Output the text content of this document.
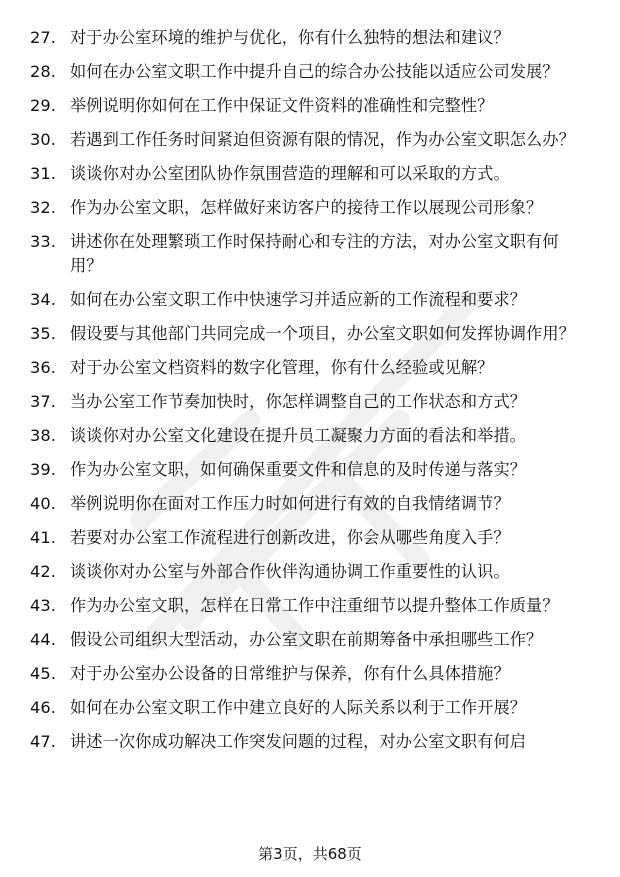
27. 对于办公室环境的维护与优化，你有什么独特的想法和建议？
28. 如何在办公室文职工作中提升自己的综合办公技能以适应公司发展？
29. 举例说明你如何在工作中保证文件资料的准确性和完整性？
30. 若遇到工作任务时间紧迫但资源有限的情况，作为办公室文职怎么办？
31. 谈谈你对办公室团队协作氛围营造的理解和可以采取的方式。
32. 作为办公室文职，怎样做好来访客户的接待工作以展现公司形象？
33. 讲述你在处理繁琐工作时保持耐心和专注的方法，对办公室文职有何用？
34. 如何在办公室文职工作中快速学习并适应新的工作流程和要求？
35. 假设要与其他部门共同完成一个项目，办公室文职如何发挥协调作用？
36. 对于办公室文档资料的数字化管理，你有什么经验或见解？
37. 当办公室工作节奏加快时，你怎样调整自己的工作状态和方式？
38. 谈谈你对办公室文化建设在提升员工凝聚力方面的看法和举措。
39. 作为办公室文职，如何确保重要文件和信息的及时传递与落实？
40. 举例说明你在面对工作压力时如何进行有效的自我情绪调节？
41. 若要对办公室工作流程进行创新改进，你会从哪些角度入手？
42. 谈谈你对办公室与外部合作伙伴沟通协调工作重要性的认识。
43. 作为办公室文职，怎样在日常工作中注重细节以提升整体工作质量？
44. 假设公司组织大型活动，办公室文职在前期筹备中承担哪些工作？
45. 对于办公室办公设备的日常维护与保养，你有什么具体措施？
46. 如何在办公室文职工作中建立良好的人际关系以利于工作开展？
47. 讲述一次你成功解决工作突发问题的过程，对办公室文职有何启
第3页，共68页
